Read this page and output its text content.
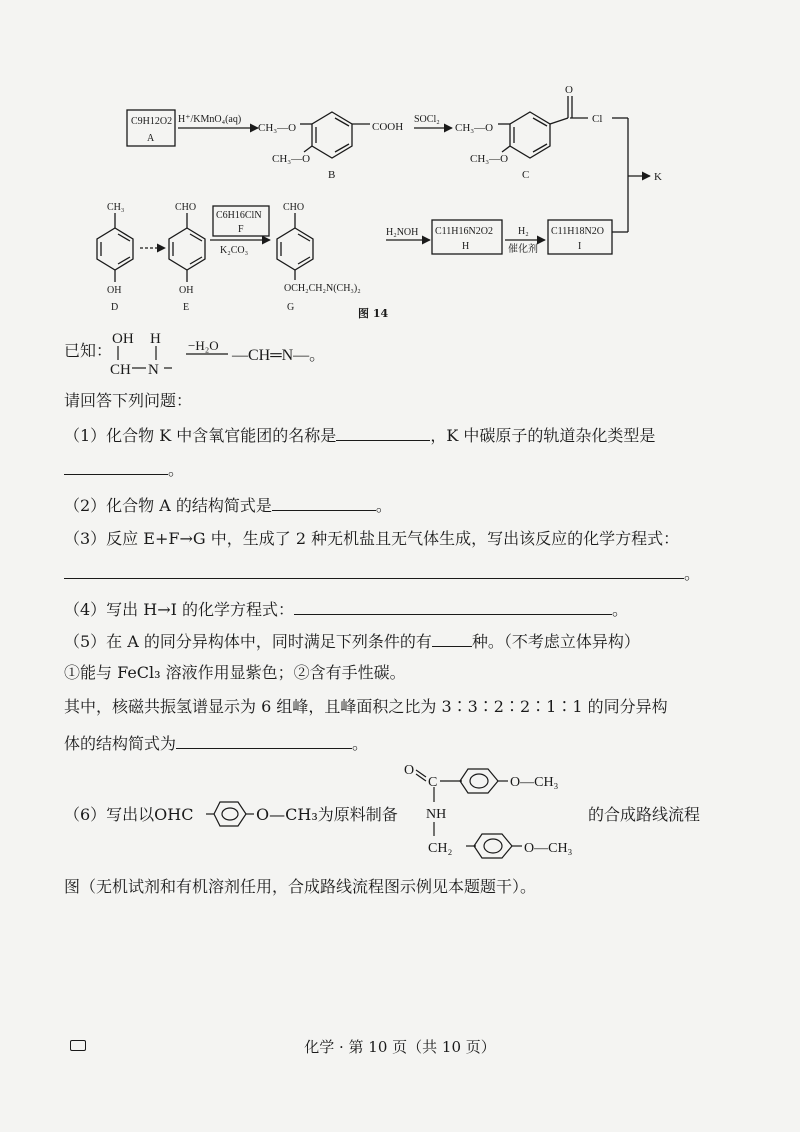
C9H12O2
A
H⁺/KMnO₄(aq)
CH₃—O
CH₃—O
COOH
B
SOCl₂
CH₃—O
CH₃—O
O
Cl
C	K
CH₃
OH
D
CHO
OH
E
C6H16ClN
F
K₂CO₃
CHO
OCH₂CH₂N(CH₃)₂
G
H₂NOH C11H16N2O2
H
H₂
催化剂
C11H18N2O
I
图 14
已知：
OH H
CH N
−H₂O
—CH═N—。
请回答下列问题：
（1）化合物 K 中含氧官能团的名称是	，K 中碳原子的轨道杂化类型是
。
（2）化合物 A 的结构简式是	。
（3）反应 E+F→G 中，生成了 2 种无机盐且无气体生成，写出该反应的化学方程式：
。
（4）写出 H→I 的化学方程式：	。
（5）在 A 的同分异构体中，同时满足下列条件的有	种。（不考虑立体异构）
①能与 FeCl₃ 溶液作用显紫色；②含有手性碳。
其中，核磁共振氢谱显示为 6 组峰，且峰面积之比为 3∶3∶2∶2∶1∶1 的同分异构
体的结构简式为	。
（6）写出以OHC	O—CH₃为原料制备	的合成路线流程
O
C	O—CH₃
NH
CH₂	O—CH₃
图（无机试剂和有机溶剂任用，合成路线流程图示例见本题题干）。
化学 · 第 10 页（共 10 页）
